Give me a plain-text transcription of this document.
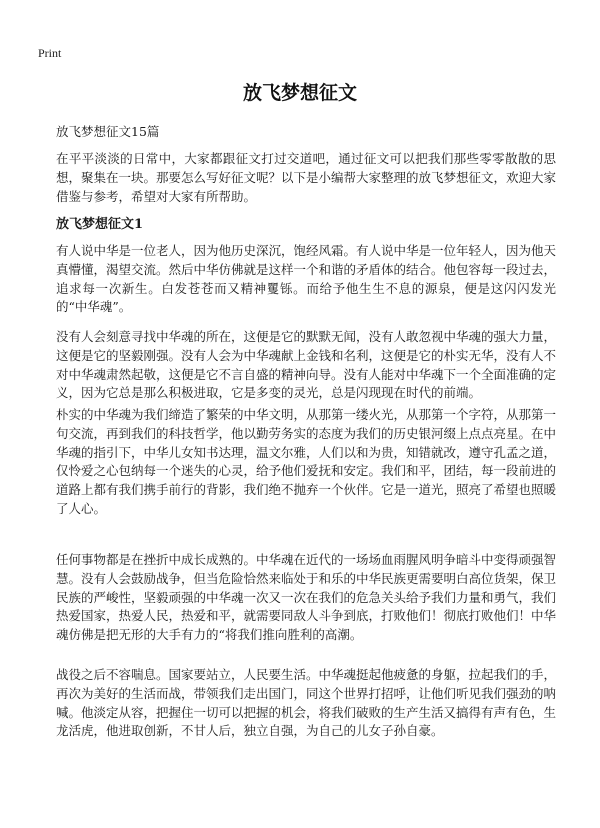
Print
放飞梦想征文

放飞梦想征文15篇

在平平淡淡的日常中，大家都跟征文打过交道吧，通过征文可以把我们那些零零散散的思想，聚集在一块。那要怎么写好征文呢？以下是小编帮大家整理的放飞梦想征文，欢迎大家借鉴与参考，希望对大家有所帮助。

放飞梦想征文1

有人说中华是一位老人，因为他历史深沉，饱经风霜。有人说中华是一位年轻人，因为他天真懵懂，渴望交流。然后中华仿佛就是这样一个和谐的矛盾体的结合。他包容每一段过去，追求每一次新生。白发苍苍而又精神矍铄。而给予他生生不息的源泉，便是这闪闪发光的“中华魂”。

没有人会刻意寻找中华魂的所在，这便是它的默默无闻，没有人敢忽视中华魂的强大力量，这便是它的坚毅刚强。没有人会为中华魂献上金钱和名利，这便是它的朴实无华，没有人不对中华魂肃然起敬，这便是它不言自盛的精神向导。没有人能对中华魂下一个全面准确的定义，因为它总是那么积极进取，它是多变的灵光，总是闪现现在时代的前端。

朴实的中华魂为我们缔造了繁荣的中华文明，从那第一缕火光，从那第一个字符，从那第一句交流，再到我们的科技哲学，他以勤劳务实的态度为我们的历史银河缀上点点亮星。在中华魂的指引下，中华儿女知书达理，温文尔雅，人们以和为贵，知错就改，遵守孔孟之道，仅怜爱之心包纳每一个迷失的心灵，给予他们爱抚和安定。我们和平，团结，每一段前进的道路上都有我们携手前行的背影，我们绝不抛弃一个伙伴。它是一道光，照亮了希望也照暖了人心。

任何事物都是在挫折中成长成熟的。中华魂在近代的一场场血雨腥风明争暗斗中变得顽强智慧。没有人会鼓励战争，但当危险恰然来临处于和乐的中华民族更需要明白高位货架，保卫民族的严峻性，坚毅顽强的中华魂一次又一次在我们的危急关头给予我们力量和勇气，我们热爱国家，热爱人民，热爱和平，就需要同敌人斗争到底，打败他们！彻底打败他们！中华魂仿佛是把无形的大手有力的“将我们推向胜利的高潮。

战役之后不容喘息。国家要站立，人民要生活。中华魂挺起他疲惫的身躯，拉起我们的手，再次为美好的生活而战，带领我们走出国门，同这个世界打招呼，让他们听见我们强劲的呐喊。他淡定从容，把握住一切可以把握的机会，将我们破败的生产生活又搞得有声有色，生龙活虎，他进取创新，不甘人后，独立自强，为自己的儿女子孙自豪。
